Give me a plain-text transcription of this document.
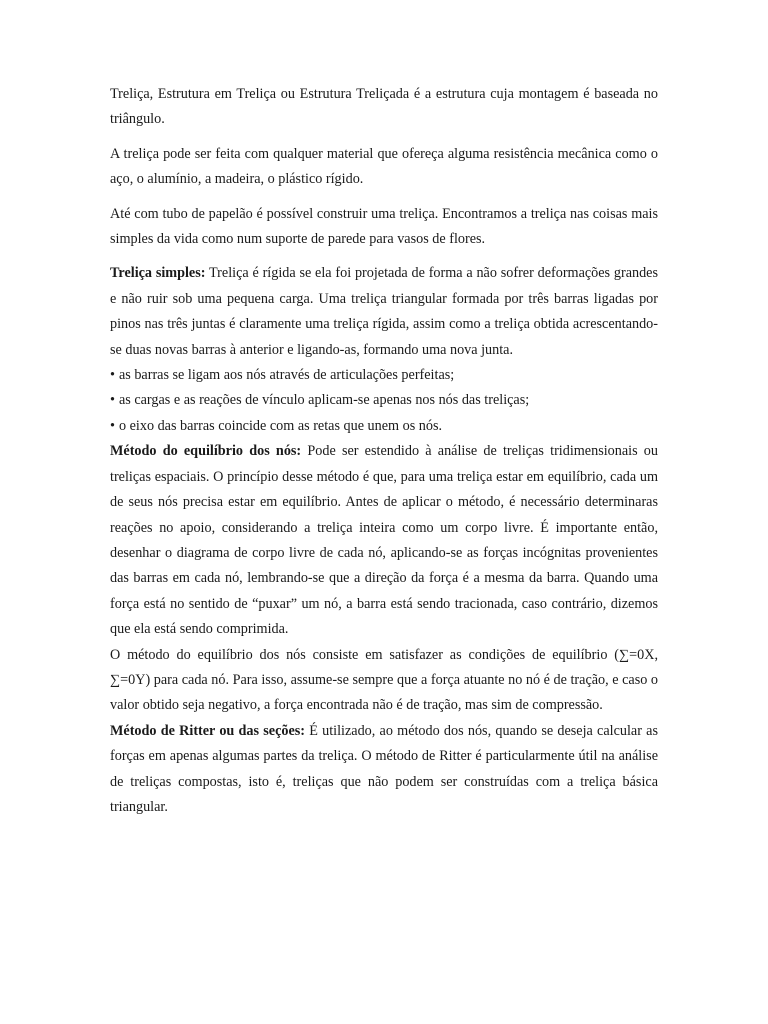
Treliça, Estrutura em Treliça ou Estrutura Treliçada é a estrutura cuja montagem é baseada no triângulo.

A treliça pode ser feita com qualquer material que ofereça alguma resistência mecânica como o aço, o alumínio, a madeira, o plástico rígido.

Até com tubo de papelão é possível construir uma treliça. Encontramos a treliça nas coisas mais simples da vida como num suporte de parede para vasos de flores.

Treliça simples: Treliça é rígida se ela foi projetada de forma a não sofrer deformações grandes e não ruir sob uma pequena carga. Uma treliça triangular formada por três barras ligadas por pinos nas três juntas é claramente uma treliça rígida, assim como a treliça obtida acrescentando-se duas novas barras à anterior e ligando-as, formando uma nova junta.

• as barras se ligam aos nós através de articulações perfeitas;

• as cargas e as reações de vínculo aplicam-se apenas nos nós das treliças;

• o eixo das barras coincide com as retas que unem os nós.

Método do equilíbrio dos nós: Pode ser estendido à análise de treliças tridimensionais ou treliças espaciais. O princípio desse método é que, para uma treliça estar em equilíbrio, cada um de seus nós precisa estar em equilíbrio. Antes de aplicar o método, é necessário determinaras reações no apoio, considerando a treliça inteira como um corpo livre. É importante então, desenhar o diagrama de corpo livre de cada nó, aplicando-se as forças incógnitas provenientes das barras em cada nó, lembrando-se que a direção da força é a mesma da barra. Quando uma força está no sentido de “puxar” um nó, a barra está sendo tracionada, caso contrário, dizemos que ela está sendo comprimida.

O método do equilíbrio dos nós consiste em satisfazer as condições de equilíbrio (∑=0X, ∑=0Y) para cada nó. Para isso, assume-se sempre que a força atuante no nó é de tração, e caso o valor obtido seja negativo, a força encontrada não é de tração, mas sim de compressão.

Método de Ritter ou das seções: É utilizado, ao método dos nós, quando se deseja calcular as forças em apenas algumas partes da treliça. O método de Ritter é particularmente útil na análise de treliças compostas, isto é, treliças que não podem ser construídas com a treliça básica triangular.
